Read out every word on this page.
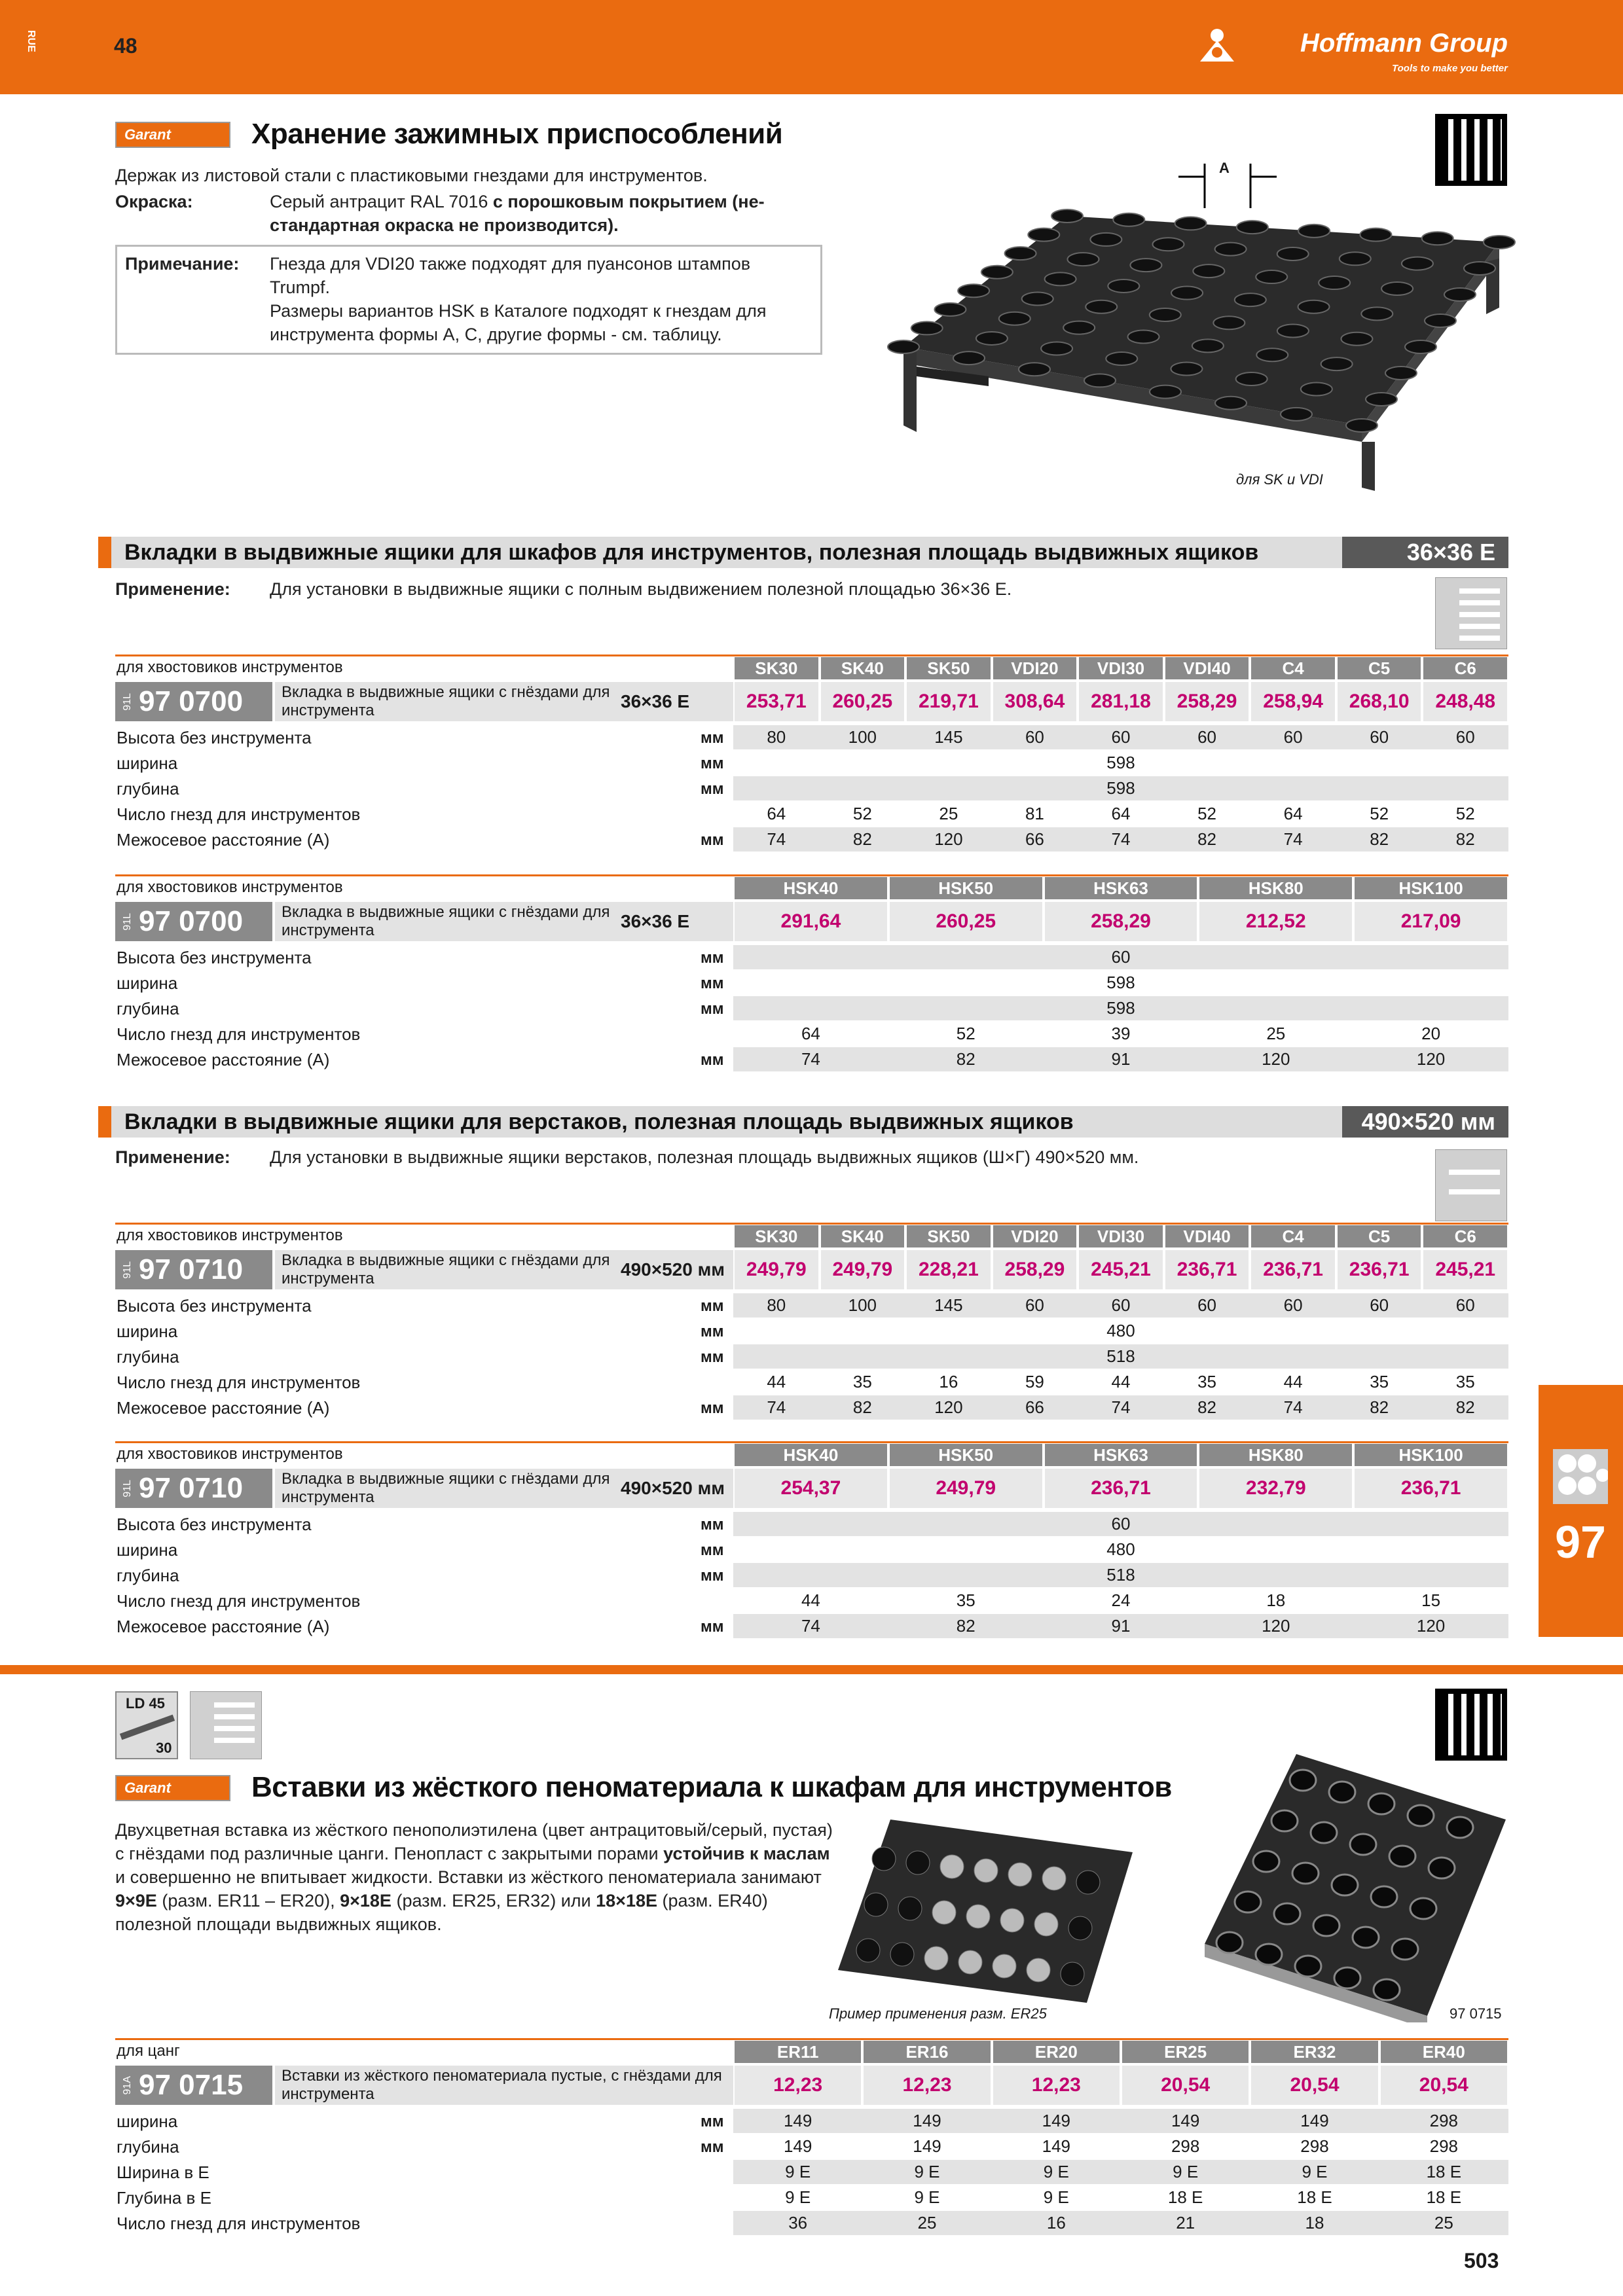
RUE	48	Hoffmann Group
Tools to make you better
Garant	Хранение зажимных приспособлений
Держак из листовой стали с пластиковыми гнездами для инструментов.
Окраска:	Серый антрацит RAL 7016 с порошковым покрытием (не-стандартная окраска не производится).
Примечание: Гнезда для VDI20 также подходят для пуансонов штампов Trumpf.
Размеры вариантов HSK в Каталоге подходят к гнездам для инструмента формы A, C, другие формы - см. таблицу.
A
для SK и VDI
Вкладки в выдвижные ящики для шкафов для инструментов, полезная площадь выдвижных ящиков	36×36 E
Применение: Для установки в выдвижные ящики с полным выдвижением полезной площадью 36×36 E.
Вкладки в выдвижные ящики для верстаков, полезная площадь выдвижных ящиков	490×520 мм
Применение: Для установки в выдвижные ящики верстаков, полезная площадь выдвижных ящиков (Ш×Г) 490×520 мм.
для хвостовиков инструментов	SK30	SK40	SK50	VDI20	VDI30	VDI40	C4	C5	C6
91L 97 0700	Вкладка в выдвижные ящики с гнёздами для инструмента	36×36 E	253,71	260,25	219,71	308,64	281,18	258,29	258,94	268,10	248,48
Высота без инструмента	мм	80	100	145	60	60	60	60	60	60
ширина	мм	598
глубина	мм	598
Число гнезд для инструментов	64	52	25	81	64	52	64	52	52
Межосевое расстояние (А)	мм	74	82	120	66	74	82	74	82	82
для хвостовиков инструментов	HSK40	HSK50	HSK63	HSK80	HSK100
91L 97 0700	Вкладка в выдвижные ящики с гнёздами для инструмента	36×36 E	291,64	260,25	258,29	212,52	217,09
Высота без инструмента	мм	60
ширина	мм	598
глубина	мм	598
Число гнезд для инструментов	64	52	39	25	20
Межосевое расстояние (А)	мм	74	82	91	120	120
для хвостовиков инструментов	SK30	SK40	SK50	VDI20	VDI30	VDI40	C4	C5	C6
91L 97 0710	Вкладка в выдвижные ящики с гнёздами для инструмента	490×520 мм	249,79	249,79	228,21	258,29	245,21	236,71	236,71	236,71	245,21
Высота без инструмента	мм	80	100	145	60	60	60	60	60	60
ширина	мм	480
глубина	мм	518
Число гнезд для инструментов	44	35	16	59	44	35	44	35	35
Межосевое расстояние (А)	мм	74	82	120	66	74	82	74	82	82
для хвостовиков инструментов	HSK40	HSK50	HSK63	HSK80	HSK100
91L 97 0710	Вкладка в выдвижные ящики с гнёздами для инструмента	490×520 мм	254,37	249,79	236,71	232,79	236,71
Высота без инструмента	мм	60
ширина	мм	480
глубина	мм	518
Число гнезд для инструментов	44	35	24	18	15
Межосевое расстояние (А)	мм	74	82	91	120	120
97
LD 45
30
Garant	Вставки из жёсткого пеноматериала к шкафам для инструментов
Двухцветная вставка из жёсткого пенополиэтилена (цвет антрацитовый/серый, пустая) с гнёздами под различные цанги. Пенопласт с закрытыми порами устойчив к маслам и совершенно не впитывает жидкости. Вставки из жёсткого пеноматериала занимают 9×9E (разм. ER11 – ER20), 9×18E (разм. ER25, ER32) или 18×18E (разм. ER40) полезной площади выдвижных ящиков.
Пример применения разм. ER25	97 0715
для цанг	ER11	ER16	ER20	ER25	ER32	ER40
91A 97 0715	Вставки из жёсткого пеноматериала пустые, с гнёздами для инструмента	12,23	12,23	12,23	20,54	20,54	20,54
ширина	мм	149	149	149	149	149	298
глубина	мм	149	149	149	298	298	298
Ширина в E	9 E	9 E	9 E	9 E	9 E	18 E
Глубина в E	9 E	9 E	9 E	18 E	18 E	18 E
Число гнезд для инструментов	36	25	16	21	18	25
503
